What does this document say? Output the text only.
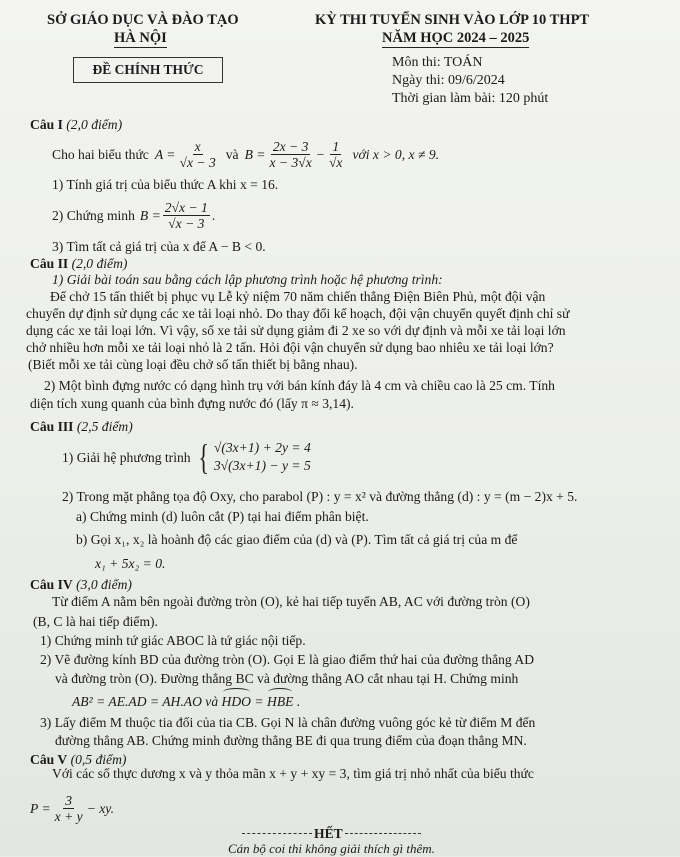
SỞ GIÁO DỤC VÀ ĐÀO TẠO
HÀ NỘI
ĐỀ CHÍNH THỨC
KỲ THI TUYỂN SINH VÀO LỚP 10 THPT
NĂM HỌC 2024 – 2025
Môn thi: TOÁN
Ngày thi: 09/6/2024
Thời gian làm bài: 120 phút
Câu I (2,0 điểm)
Cho hai biểu thức $A = \frac{x}{√x - 3}$ và $B = \frac{2x - 3}{x - 3√x} - \frac{1}{√x}$ với x > 0, x ≠ 9.
1) Tính giá trị của biểu thức A khi x = 16.
2) Chứng minh $B = \frac{2√x - 1}{√x - 3}$ .
3) Tìm tất cả giá trị của x để A − B < 0.
Câu II (2,0 điểm)
1) Giải bài toán sau bằng cách lập phương trình hoặc hệ phương trình:
Để chở 15 tấn thiết bị phục vụ Lễ kỷ niệm 70 năm chiến thắng Điện Biên Phủ, một đội vận
chuyển dự định sử dụng các xe tải loại nhỏ. Do thay đổi kế hoạch, đội vận chuyển quyết định chỉ sử
dụng các xe tải loại lớn. Vì vậy, số xe tải sử dụng giảm đi 2 xe so với dự định và mỗi xe tải loại lớn
chở nhiều hơn mỗi xe tải loại nhỏ là 2 tấn. Hỏi đội vận chuyển sử dụng bao nhiêu xe tải loại lớn?
(Biết mỗi xe tải cùng loại đều chở số tấn thiết bị bằng nhau).
2) Một bình đựng nước có dạng hình trụ với bán kính đáy là 4 cm và chiều cao là 25 cm. Tính
diện tích xung quanh của bình đựng nước đó (lấy π ≈ 3,14).
Câu III (2,5 điểm)
1) Giải hệ phương trình { √(3x+1) + 2y = 4
3√(3x+1) − y = 5
2) Trong mặt phẳng tọa độ Oxy, cho parabol (P) : y = x² và đường thẳng (d) : y = (m − 2)x + 5.
a) Chứng minh (d) luôn cắt (P) tại hai điểm phân biệt.
b) Gọi x₁, x₂ là hoành độ các giao điểm của (d) và (P). Tìm tất cả giá trị của m để
x₁ + 5x₂ = 0.
Câu IV (3,0 điểm)
Từ điểm A nằm bên ngoài đường tròn (O), kẻ hai tiếp tuyến AB, AC với đường tròn (O)
(B, C là hai tiếp điểm).
1) Chứng minh tứ giác ABOC là tứ giác nội tiếp.
2) Vẽ đường kính BD của đường tròn (O). Gọi E là giao điểm thứ hai của đường thẳng AD
và đường tròn (O). Đường thẳng BC và đường thẳng AO cắt nhau tại H. Chứng minh
AB² = AE.AD = AH.AO và HDO = HBE .
3) Lấy điểm M thuộc tia đối của tia CB. Gọi N là chân đường vuông góc kẻ từ điểm M đến
đường thẳng AB. Chứng minh đường thẳng BE đi qua trung điểm của đoạn thẳng MN.
Câu V (0,5 điểm)
Với các số thực dương x và y thỏa mãn x + y + xy = 3, tìm giá trị nhỏ nhất của biểu thức
$P = \frac{3}{x + y}$ − xy.
HẾT
Cán bộ coi thi không giải thích gì thêm.
